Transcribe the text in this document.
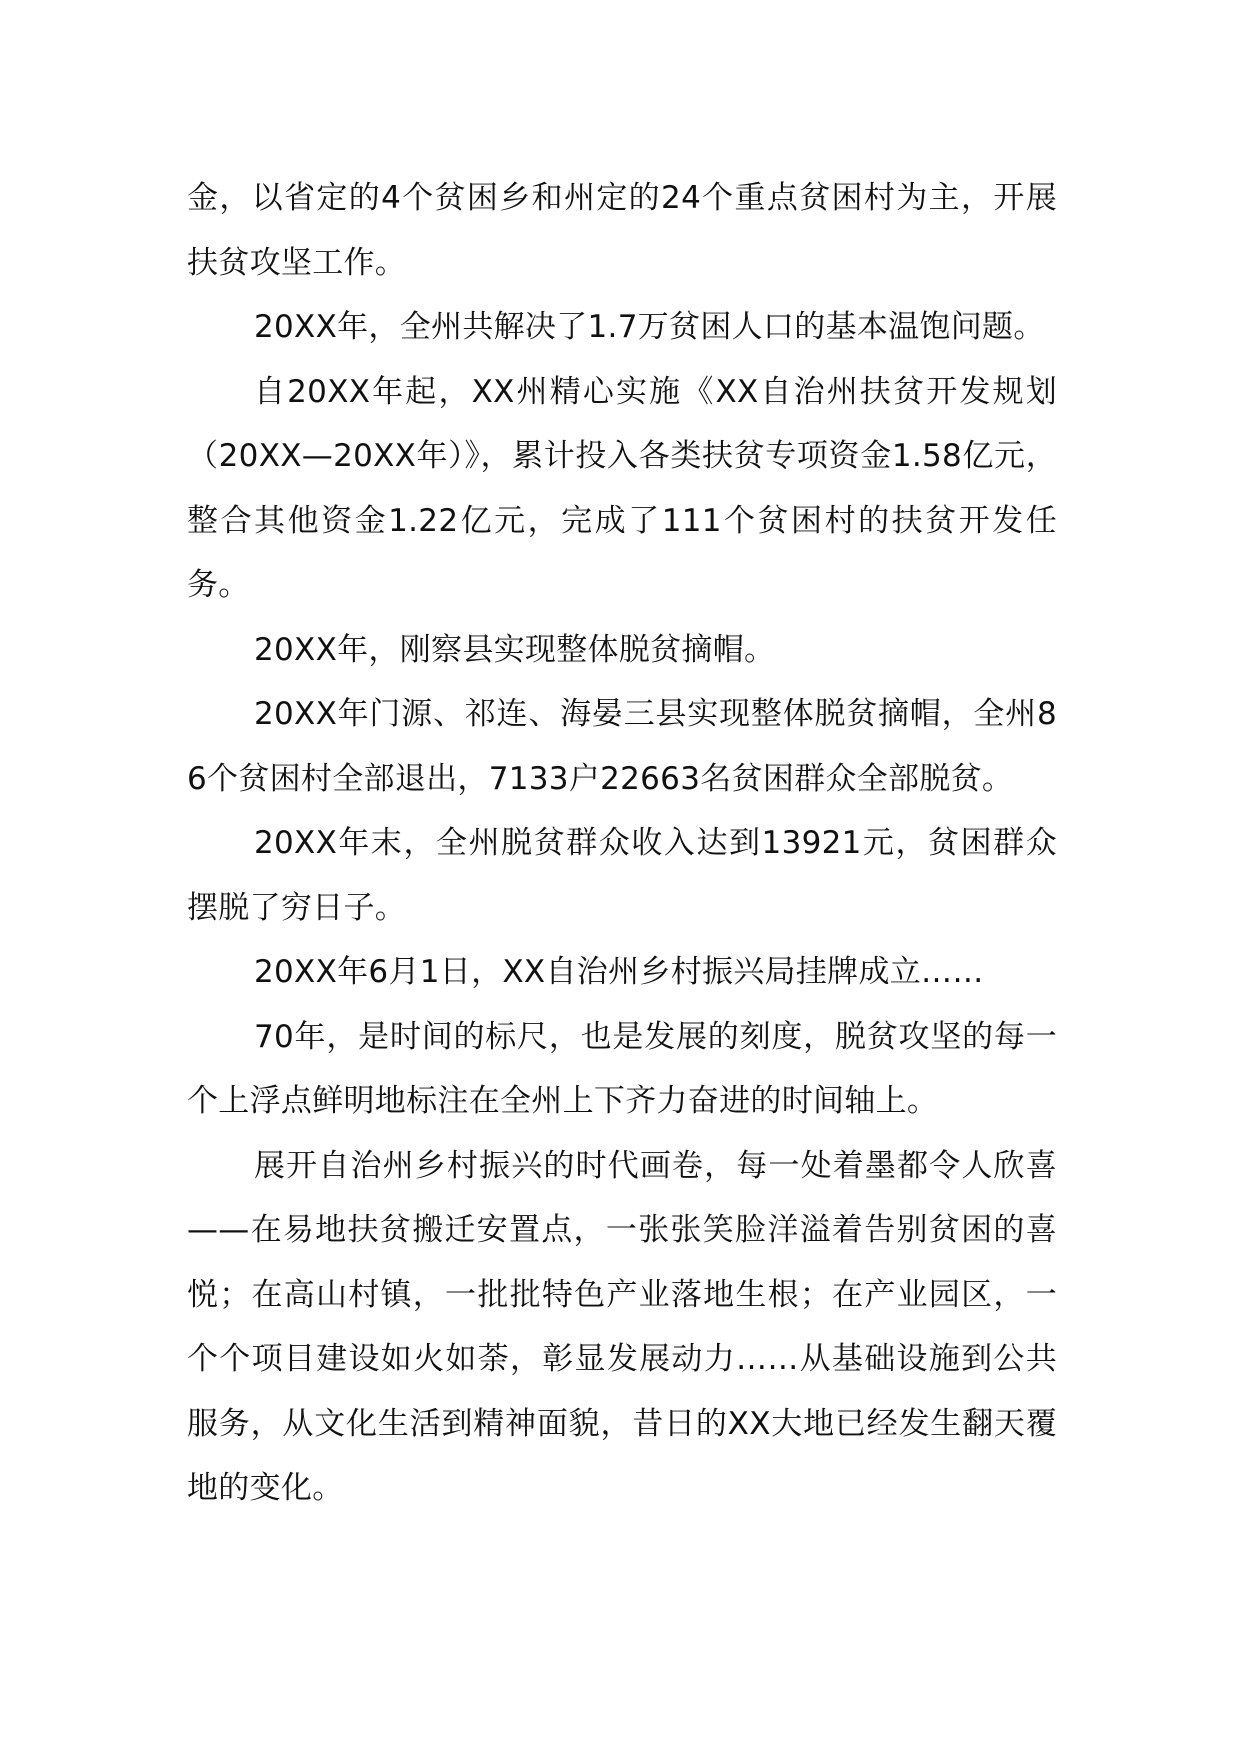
金，以省定的4个贫困乡和州定的24个重点贫困村为主，开展扶贫攻坚工作。

20XX年，全州共解决了1.7万贫困人口的基本温饱问题。

自20XX年起，XX州精心实施《XX自治州扶贫开发规划（20XX—20XX年）》，累计投入各类扶贫专项资金1.58亿元，整合其他资金1.22亿元，完成了111个贫困村的扶贫开发任务。

20XX年，刚察县实现整体脱贫摘帽。

20XX年门源、祁连、海晏三县实现整体脱贫摘帽，全州86个贫困村全部退出，7133户22663名贫困群众全部脱贫。

20XX年末，全州脱贫群众收入达到13921元，贫困群众摆脱了穷日子。

20XX年6月1日，XX自治州乡村振兴局挂牌成立……

70年，是时间的标尺，也是发展的刻度，脱贫攻坚的每一个上浮点鲜明地标注在全州上下齐力奋进的时间轴上。

展开自治州乡村振兴的时代画卷，每一处着墨都令人欣喜——在易地扶贫搬迁安置点，一张张笑脸洋溢着告别贫困的喜悦；在高山村镇，一批批特色产业落地生根；在产业园区，一个个项目建设如火如荼，彰显发展动力……从基础设施到公共服务，从文化生活到精神面貌，昔日的XX大地已经发生翻天覆地的变化。
